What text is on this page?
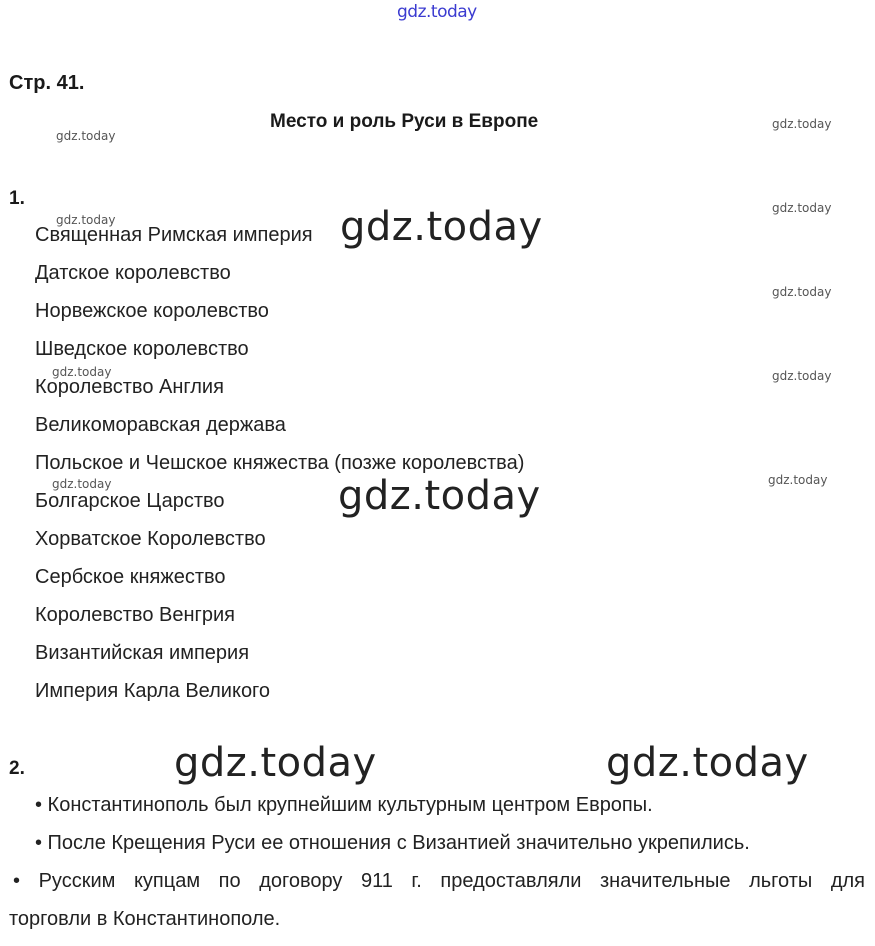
gdz.today
Стр. 41.
Место и роль Руси в Европе
gdz.today
gdz.today
gdz.today
gdz.today
gdz.today
gdz.today	gdz.today
gdz.today
gdz.today
1.
Священная Римская империя
Датское королевство
Норвежское королевство
Шведское королевство
Королевство Англия
Великоморавская держава
Польское и Чешское княжества (позже королевства)
Болгарское Царство
Хорватское Королевство
Сербское княжество
Королевство Венгрия
Византийская империя
Империя Карла Великого
gdz.today
gdz.today
gdz.today	gdz.today
2.
• Константинополь был крупнейшим культурным центром Европы.
• После Крещения Руси ее отношения с Византией значительно укрепились.
• Русским купцам по договору 911 г. предоставляли значительные льготы для
торговли в Константинополе.
